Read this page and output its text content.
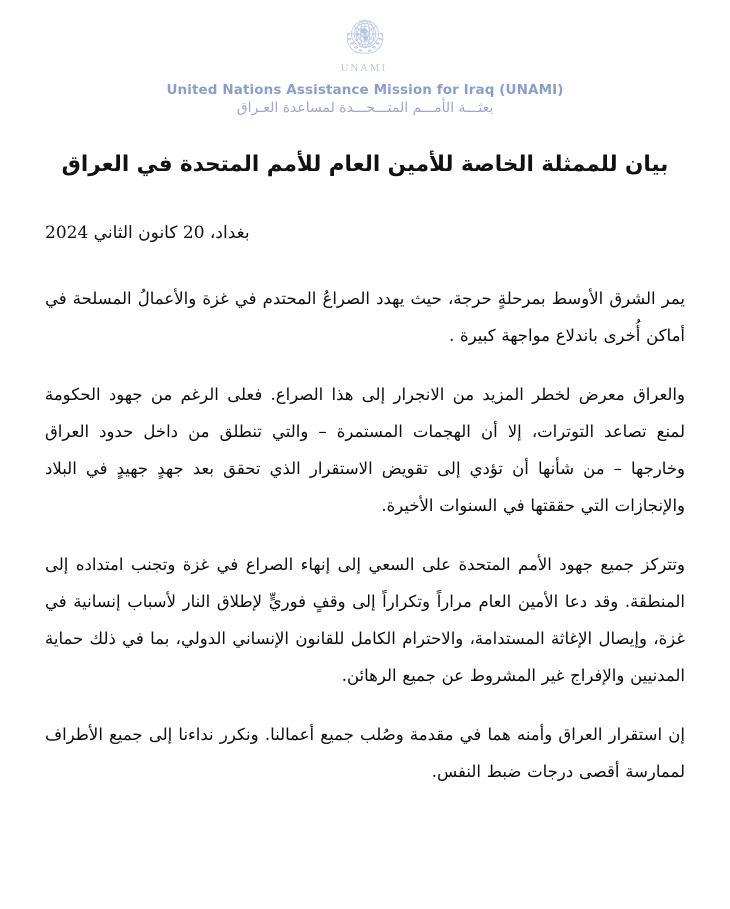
UNAMI
United Nations Assistance Mission for Iraq (UNAMI)
بعثـــة الأمـــم المتـــحـــدة لمساعدة العـراق
بيان للممثلة الخاصة للأمين العام للأمم المتحدة في العراق
بغداد، 20 كانون الثاني 2024

يمر الشرق الأوسط بمرحلةٍ حرجة، حيث يهدد الصراعُ المحتدم في غزة والأعمالُ المسلحة في أماكن أُخرى باندلاع مواجهة كبيرة .

والعراق معرض لخطر المزيد من الانجرار إلى هذا الصراع. فعلى الرغم من جهود الحكومة لمنع تصاعد التوترات، إلا أن الهجمات المستمرة – والتي تنطلق من داخل حدود العراق وخارجها – من شأنها أن تؤدي إلى تقويض الاستقرار الذي تحقق بعد جهدٍ جهيدٍ في البلاد والإنجازات التي حققتها في السنوات الأخيرة.

وتتركز جميع جهود الأمم المتحدة على السعي إلى إنهاء الصراع في غزة وتجنب امتداده إلى المنطقة. وقد دعا الأمين العام مراراً وتكراراً إلى وقفٍ فوريٍّ لإطلاق النار لأسباب إنسانية في غزة، وإيصال الإغاثة المستدامة، والاحترام الكامل للقانون الإنساني الدولي، بما في ذلك حماية المدنيين والإفراج غير المشروط عن جميع الرهائن.

إن استقرار العراق وأمنه هما في مقدمة وصُلب جميع أعمالنا. ونكرر نداءنا إلى جميع الأطراف لممارسة أقصى درجات ضبط النفس.
